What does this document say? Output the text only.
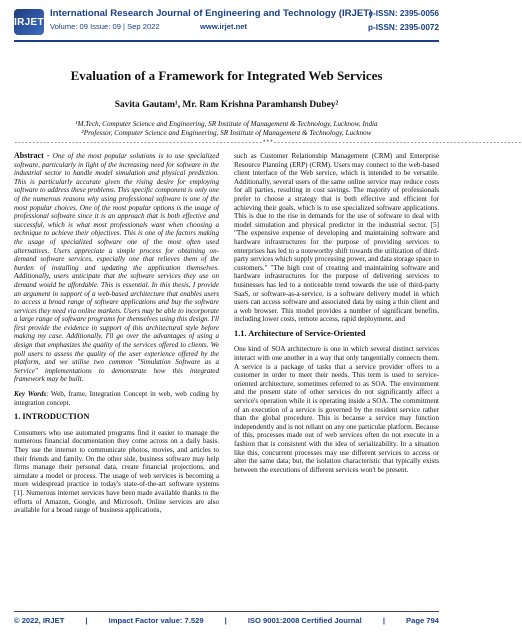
IRJET
International Research Journal of Engineering and Technology (IRJET)
Volume: 09 Issue: 09 | Sep 2022	www.irjet.net
e-ISSN: 2395-0056
p-ISSN: 2395-0072
Evaluation of a Framework for Integrated Web Services
Savita Gautam¹, Mr. Ram Krishna Paramhansh Dubey²
¹M.Tech, Computer Science and Engineering, SR Institute of Management & Technology, Lucknow, India
²Professor, Computer Science and Engineering, SR Institute of Management & Technology, Lucknow
---------------------------------------------------------------------***---------------------------------------------------------------------

Abstract - One of the most popular solutions is to use specialized software, particularly in light of the increasing need for software in the industrial sector to handle model simulation and physical prediction. This is particularly accurate given the rising desire for employing software to address these problems. This specific component is only one of the numerous reasons why using professional software is one of the most popular choices. One of the most popular options is the usage of professional software since it is an approach that is both effective and successful, which is what most professionals want when choosing a technique to achieve their objectives. This is one of the factors making the usage of specialized software one of the most often used alternatives. Users appreciate a simple process for obtaining on-demand software services, especially one that relieves them of the burden of installing and updating the application themselves. Additionally, users anticipate that the software services they use on demand would be affordable. This is essential. In this thesis, I provide an argument in support of a web-based architecture that enables users to access a broad range of software applications and buy the software services they need via online markets. Users may be able to incorporate a large range of software programs for themselves using this design. I'll first provide the evidence in support of this architectural style before making my case. Additionally, I'll go over the advantages of using a design that emphasizes the quality of the services offered to clients. We poll users to assess the quality of the user experience offered by the platform, and we utilise two common "Simulation Software as a Service" implementations to demonstrate how this integrated framework may be built.

Key Words: Web, frame, Integration Concept in web, web coding by integration concept.

1. INTRODUCTION

Consumers who use automated programs find it easier to manage the numerous financial documentation they come across on a daily basis. They use the internet to communicate photos, movies, and articles to their friends and family. On the other side, business software may help firms manage their personal data, create financial projections, and simulate a model or process. The usage of web services is becoming a more widespread practice in today's state-of-the-art software systems [1]. Numerous internet services have been made available thanks to the efforts of Amazon, Google, and Microsoft. Online services are also available for a broad range of business applications,

such as Customer Relationship Management (CRM) and Enterprise Resource Planning (ERP) (CRM). Users may connect to the web-based client interface of the Web service, which is intended to be versatile. Additionally, several users of the same online service may reduce costs for all parties, resulting in cost savings. The majority of professionals prefer to choose a strategy that is both effective and efficient for achieving their goals, which is to use specialized software applications. This is due to the rise in demands for the use of software to deal with model simulation and physical predictor in the industrial sector. [5] "The expensive expense of developing and maintaining software and hardware infrastructures for the purpose of providing services to enterprises has led to a noteworthy shift towards the utilization of third-party services which supply processing power, and data storage space to customers." "The high cost of creating and maintaining software and hardware infrastructures for the purpose of delivering services to businesses has led to a noticeable trend towards the use of third-party SaaS, or software-as-a-service, is a software delivery model in which users can access software and associated data by using a thin client and a web browser. This model provides a number of significant benefits, including lower costs, remote access, rapid deployment, and

1.1. Architecture of Service-Oriented

One kind of SOA architecture is one in which several distinct services interact with one another in a way that only tangentially connects them. A service is a package of tasks that a service provider offers to a customer in order to meet their needs. This term is used to service-oriented architecture, sometimes referred to as SOA. The environment and the present state of other services do not significantly affect a service's operation while it is operating inside a SOA. The commitment of an execution of a service is governed by the resident service rather than the global procedure. This is because a service may function independently and is not reliant on any one particular platform. Because of this, processes made out of web services often do not execute in a fashion that is consistent with the idea of serializability. In a situation like this, concurrent processes may use different services to access or alter the same data; but, the isolation characteristic that typically exists between the executions of different services won't be present.

© 2022, IRJET	|	Impact Factor value: 7.529	|	ISO 9001:2008 Certified Journal	|	Page 794
